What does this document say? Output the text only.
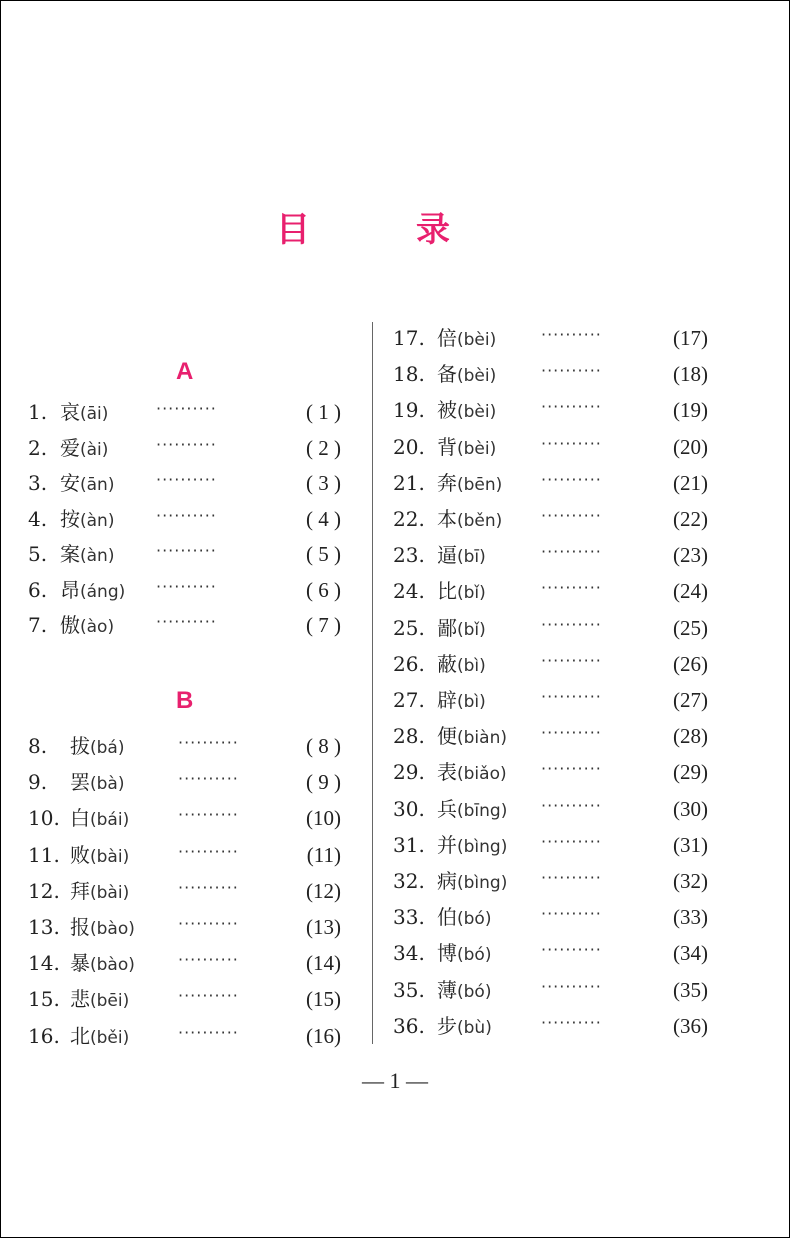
目	录
A
B
1. 哀(āi)	··········	( 1 )
2. 爱(ài)	··········	( 2 )
3. 安(ān)	··········	( 3 )
4. 按(àn)	··········	( 4 )
5. 案(àn)	··········	( 5 )
6. 昂(áng) ··········	( 6 )
7. 傲(ào)	··········	( 7 )
8. 拔(bá)	··········	( 8 )
9. 罢(bà)	··········	( 9 )
10. 白(bái)	··········	(10)
11. 败(bài)	··········	(11)
12. 拜(bài)	··········	(12)
13. 报(bào)	··········	(13)
14. 暴(bào)	··········	(14)
15. 悲(bēi)	··········	(15)
16. 北(běi)	··········	(16)
17. 倍(bèi)	··········	(17)
18. 备(bèi)	··········	(18)
19. 被(bèi)	··········	(19)
20. 背(bèi)	··········	(20)
21. 奔(bēn) ··········	(21)
22. 本(běn) ··········	(22)
23. 逼(bī)	··········	(23)
24. 比(bǐ)	··········	(24)
25. 鄙(bǐ)	··········	(25)
26. 蔽(bì)	··········	(26)
27. 辟(bì)	··········	(27)
28. 便(biàn) ··········	(28)
29. 表(biǎo) ··········	(29)
30. 兵(bīng) ··········	(30)
31. 并(bìng) ··········	(31)
32. 病(bìng) ··········	(32)
33. 伯(bó)	··········	(33)
34. 博(bó)	··········	(34)
35. 薄(bó)	··········	(35)
36. 步(bù)	··········	(36)
— 1 —
